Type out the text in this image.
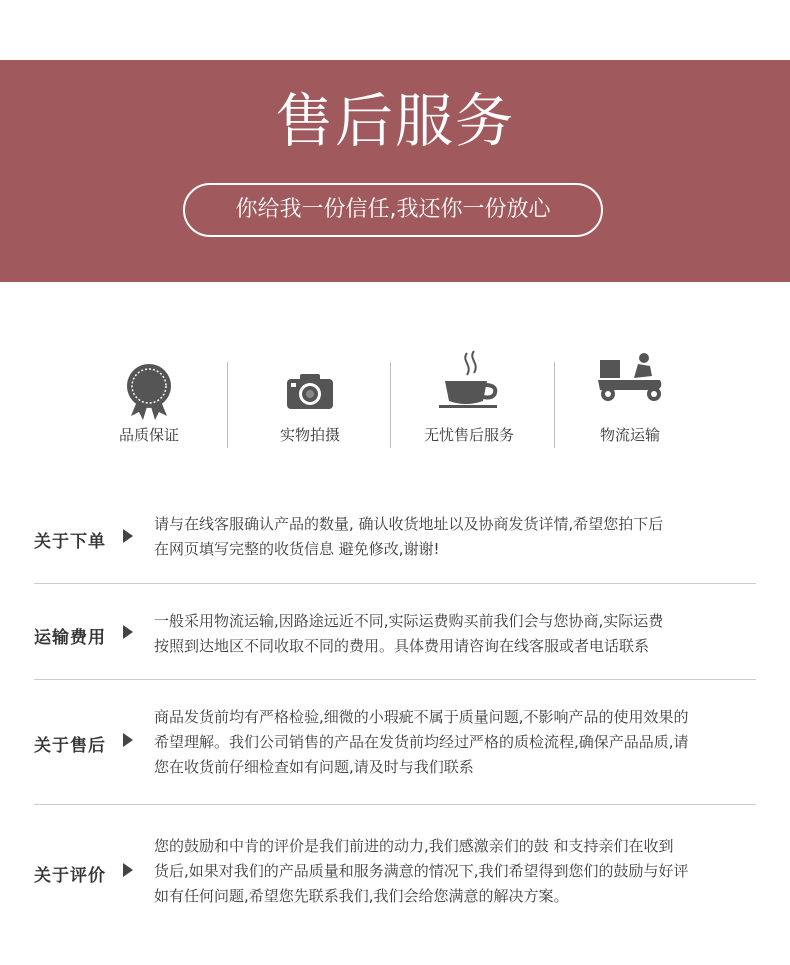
售后服务
你给我一份信任,我还你一份放心
品质保证	实物拍摄	无忧售后服务	物流运输
关于下单
请与在线客服确认产品的数量, 确认收货地址以及协商发货详情,希望您拍下后
在网页填写完整的收货信息 避免修改,谢谢!
运输费用
一般采用物流运输,因路途远近不同,实际运费购买前我们会与您协商,实际运费
按照到达地区不同收取不同的费用。具体费用请咨询在线客服或者电话联系
关于售后
商品发货前均有严格检验,细微的小瑕疵不属于质量问题,不影响产品的使用效果的
希望理解。我们公司销售的产品在发货前均经过严格的质检流程,确保产品品质,请
您在收货前仔细检查如有问题,请及时与我们联系
关于评价
您的鼓励和中肯的评价是我们前进的动力,我们感激亲们的鼓 和支持亲们在收到
货后,如果对我们的产品质量和服务满意的情况下,我们希望得到您们的鼓励与好评
如有任何问题,希望您先联系我们,我们会给您满意的解决方案。
